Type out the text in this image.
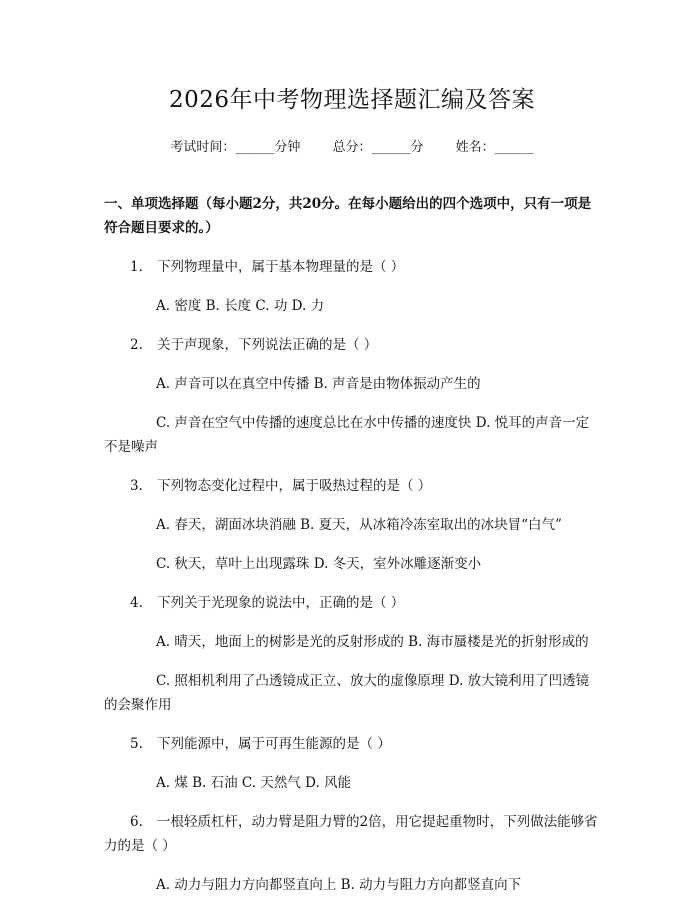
2026年中考物理选择题汇编及答案
考试时间：______分钟 总分：______分 姓名：______
一、单项选择题（每小题2分，共20分。在每小题给出的四个选项中，只有一项是符合题目要求的。）
1. 下列物理量中，属于基本物理量的是（ ）
A. 密度 B. 长度 C. 功 D. 力
2. 关于声现象，下列说法正确的是（ ）
A. 声音可以在真空中传播 B. 声音是由物体振动产生的
C. 声音在空气中传播的速度总比在水中传播的速度快 D. 悦耳的声音一定不是噪声
3. 下列物态变化过程中，属于吸热过程的是（ ）
A. 春天，湖面冰块消融 B. 夏天，从冰箱冷冻室取出的冰块冒“白气”
C. 秋天，草叶上出现露珠 D. 冬天，室外冰雕逐渐变小
4. 下列关于光现象的说法中，正确的是（ ）
A. 晴天，地面上的树影是光的反射形成的 B. 海市蜃楼是光的折射形成的
C. 照相机利用了凸透镜成正立、放大的虚像原理 D. 放大镜利用了凹透镜的会聚作用
5. 下列能源中，属于可再生能源的是（ ）
A. 煤 B. 石油 C. 天然气 D. 风能
6. 一根轻质杠杆，动力臂是阻力臂的2倍，用它提起重物时，下列做法能够省力的是（ ）
A. 动力与阻力方向都竖直向上 B. 动力与阻力方向都竖直向下
